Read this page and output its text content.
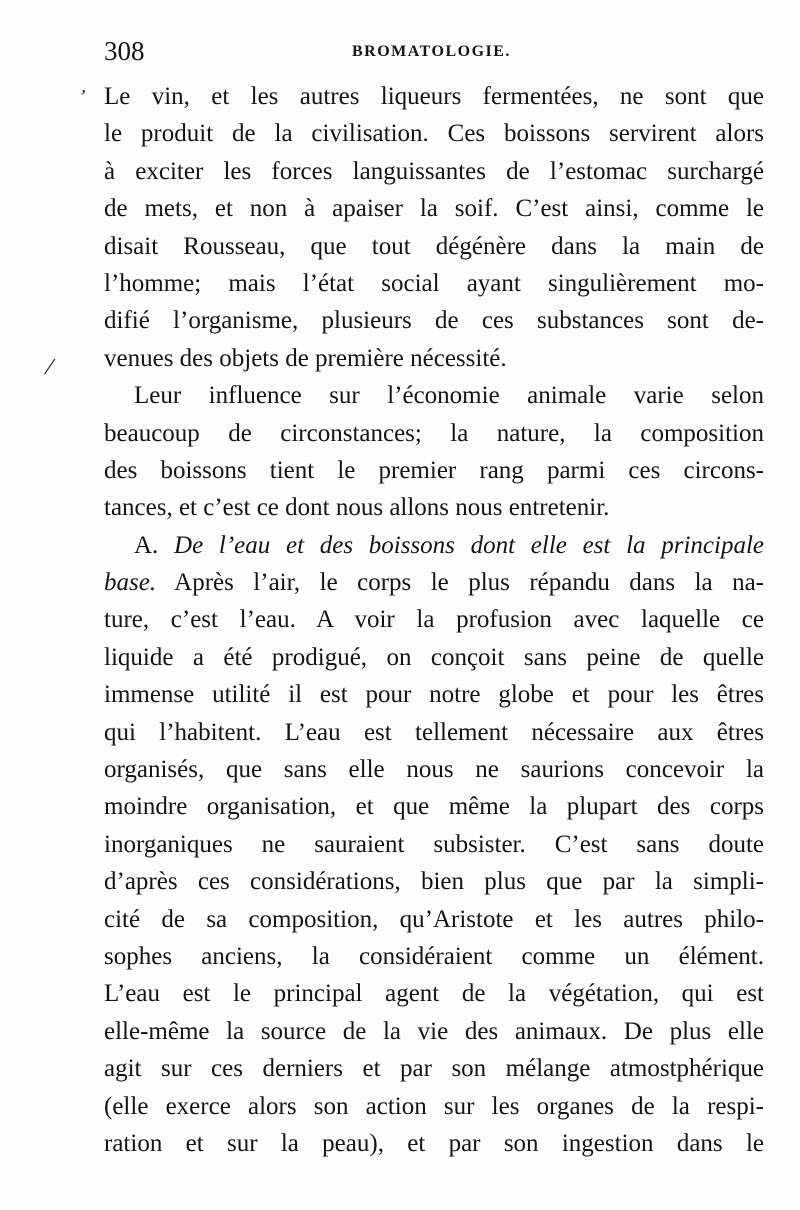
308	BROMATOLOGIE.
ʼ
/
Le vin, et les autres liqueurs fermentées, ne sont que
le produit de la civilisation. Ces boissons servirent alors
à exciter les forces languissantes de l’estomac surchargé
de mets, et non à apaiser la soif. C’est ainsi, comme le
disait Rousseau, que tout dégénère dans la main de
l’homme; mais l’état social ayant singulièrement mo-
difié l’organisme, plusieurs de ces substances sont de-
venues des objets de première nécessité.
Leur influence sur l’économie animale varie selon
beaucoup de circonstances; la nature, la composition
des boissons tient le premier rang parmi ces circons-
tances, et c’est ce dont nous allons nous entretenir.
A. De l’eau et des boissons dont elle est la principale
base. Après l’air, le corps le plus répandu dans la na-
ture, c’est l’eau. A voir la profusion avec laquelle ce
liquide a été prodigué, on conçoit sans peine de quelle
immense utilité il est pour notre globe et pour les êtres
qui l’habitent. L’eau est tellement nécessaire aux êtres
organisés, que sans elle nous ne saurions concevoir la
moindre organisation, et que même la plupart des corps
inorganiques ne sauraient subsister. C’est sans doute
d’après ces considérations, bien plus que par la simpli-
cité de sa composition, qu’Aristote et les autres philo-
sophes anciens, la considéraient comme un élément.
L’eau est le principal agent de la végétation, qui est
elle-même la source de la vie des animaux. De plus elle
agit sur ces derniers et par son mélange atmostphérique
(elle exerce alors son action sur les organes de la respi-
ration et sur la peau), et par son ingestion dans le
